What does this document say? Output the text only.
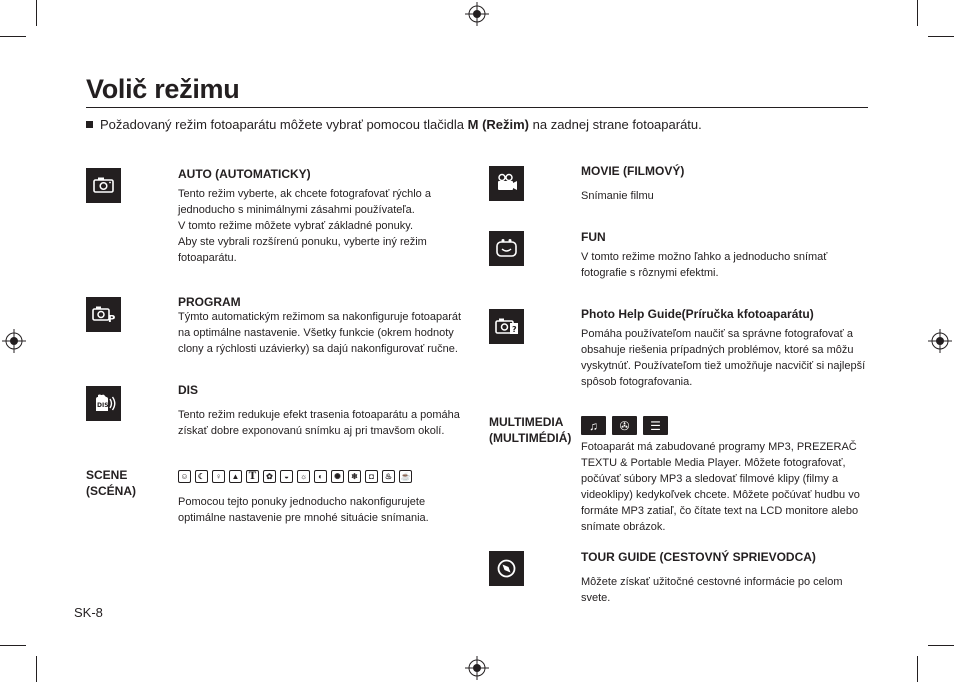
Volič režimu
Požadovaný režim fotoaparátu môžete vybrať pomocou tlačidla M (Režim) na zadnej strane fotoaparátu.
AUTO (AUTOMATICKY)
Tento režim vyberte, ak chcete fotografovať rýchlo a
jednoducho s minimálnymi zásahmi používateľa.
V tomto režime môžete vybrať základné ponuky.
Aby ste vybrali rozšírenú ponuku, vyberte iný režim
fotoaparátu.
P
PROGRAM
Týmto automatickým režimom sa nakonfiguruje fotoaparát
na optimálne nastavenie. Všetky funkcie (okrem hodnoty
clony a rýchlosti uzávierky) sa dajú nakonfigurovať ručne.
DIS
DIS
Tento režim redukuje efekt trasenia fotoaparátu a pomáha
získať dobre exponovanú snímku aj pri tmavšom okolí.
SCENE
(SCÉNA)
☺	☾	♀	▲ T	✿	◒	☼	◐	✺	❄	◘	♨	☕
Pomocou tejto ponuky jednoducho nakonfigurujete
optimálne nastavenie pre mnohé situácie snímania.
MOVIE (FILMOVÝ)
Snímanie filmu
FUN
V tomto režime možno ľahko a jednoducho snímať
fotografie s rôznymi efektmi.
?
Photo Help Guide(Príručka kfotoaparátu)
Pomáha používateľom naučiť sa správne fotografovať a
obsahuje riešenia prípadných problémov, ktoré sa môžu
vyskytnúť. Používateľom tiež umožňuje nacvičiť si najlepší
spôsob fotografovania.
MULTIMEDIA
(MULTIMÉDIÁ)
♫	✇	☰
Fotoaparát má zabudované programy MP3, PREZERAČ
TEXTU & Portable Media Player. Môžete fotografovať,
počúvať súbory MP3 a sledovať filmové klipy (filmy a
videoklipy) kedykoľvek chcete. Môžete počúvať hudbu vo
formáte MP3 zatiaľ, čo čítate text na LCD monitore alebo
snímate obrázok.
TOUR GUIDE (CESTOVNÝ SPRIEVODCA)
Môžete získať užitočné cestovné informácie po celom
svete.
SK-8
